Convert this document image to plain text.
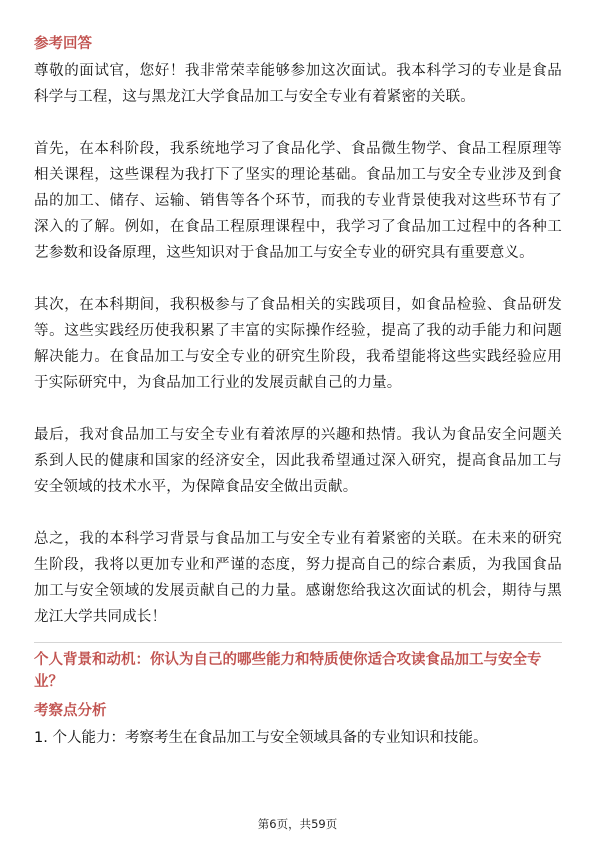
参考回答

尊敬的面试官，您好！我非常荣幸能够参加这次面试。我本科学习的专业是食品科学与工程，这与黑龙江大学食品加工与安全专业有着紧密的关联。

首先，在本科阶段，我系统地学习了食品化学、食品微生物学、食品工程原理等相关课程，这些课程为我打下了坚实的理论基础。食品加工与安全专业涉及到食品的加工、储存、运输、销售等各个环节，而我的专业背景使我对这些环节有了深入的了解。例如，在食品工程原理课程中，我学习了食品加工过程中的各种工艺参数和设备原理，这些知识对于食品加工与安全专业的研究具有重要意义。

其次，在本科期间，我积极参与了食品相关的实践项目，如食品检验、食品研发等。这些实践经历使我积累了丰富的实际操作经验，提高了我的动手能力和问题解决能力。在食品加工与安全专业的研究生阶段，我希望能将这些实践经验应用于实际研究中，为食品加工行业的发展贡献自己的力量。

最后，我对食品加工与安全专业有着浓厚的兴趣和热情。我认为食品安全问题关系到人民的健康和国家的经济安全，因此我希望通过深入研究，提高食品加工与安全领域的技术水平，为保障食品安全做出贡献。

总之，我的本科学习背景与食品加工与安全专业有着紧密的关联。在未来的研究生阶段，我将以更加专业和严谨的态度，努力提高自己的综合素质，为我国食品加工与安全领域的发展贡献自己的力量。感谢您给我这次面试的机会，期待与黑龙江大学共同成长！

个人背景和动机：你认为自己的哪些能力和特质使你适合攻读食品加工与安全专业？

考察点分析

1. 个人能力：考察考生在食品加工与安全领域具备的专业知识和技能。

第6页，共59页
